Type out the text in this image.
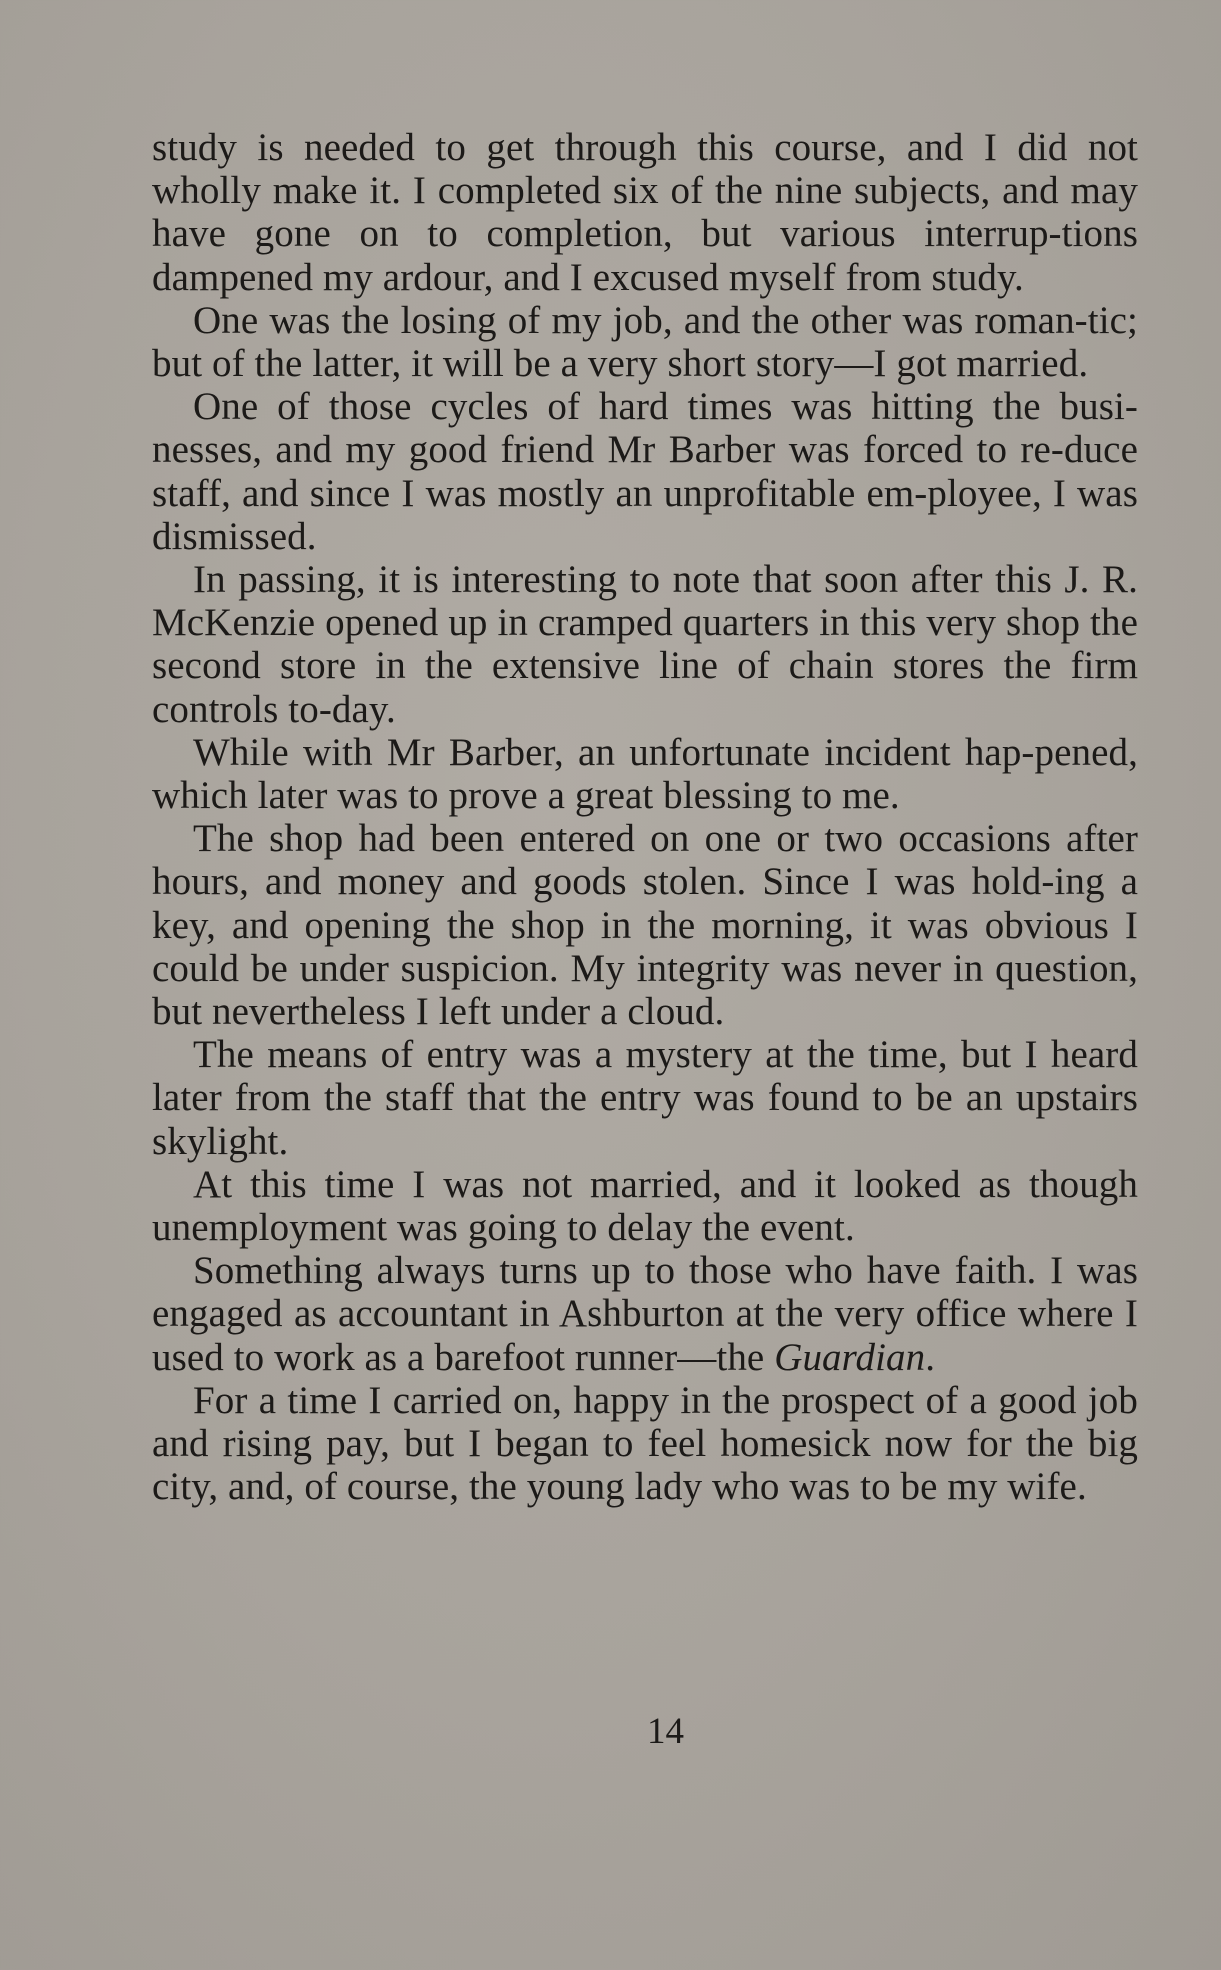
study is needed to get through this course, and I did not wholly make it. I completed six of the nine subjects, and may have gone on to completion, but various interrup-tions dampened my ardour, and I excused myself from study.

One was the losing of my job, and the other was roman-tic; but of the latter, it will be a very short story—I got married.

One of those cycles of hard times was hitting the busi-nesses, and my good friend Mr Barber was forced to re-duce staff, and since I was mostly an unprofitable em-ployee, I was dismissed.

In passing, it is interesting to note that soon after this J. R. McKenzie opened up in cramped quarters in this very shop the second store in the extensive line of chain stores the firm controls to-day.

While with Mr Barber, an unfortunate incident hap-pened, which later was to prove a great blessing to me.

The shop had been entered on one or two occasions after hours, and money and goods stolen. Since I was hold-ing a key, and opening the shop in the morning, it was obvious I could be under suspicion. My integrity was never in question, but nevertheless I left under a cloud.

The means of entry was a mystery at the time, but I heard later from the staff that the entry was found to be an upstairs skylight.

At this time I was not married, and it looked as though unemployment was going to delay the event.

Something always turns up to those who have faith. I was engaged as accountant in Ashburton at the very office where I used to work as a barefoot runner—the Guardian.

For a time I carried on, happy in the prospect of a good job and rising pay, but I began to feel homesick now for the big city, and, of course, the young lady who was to be my wife.

14
